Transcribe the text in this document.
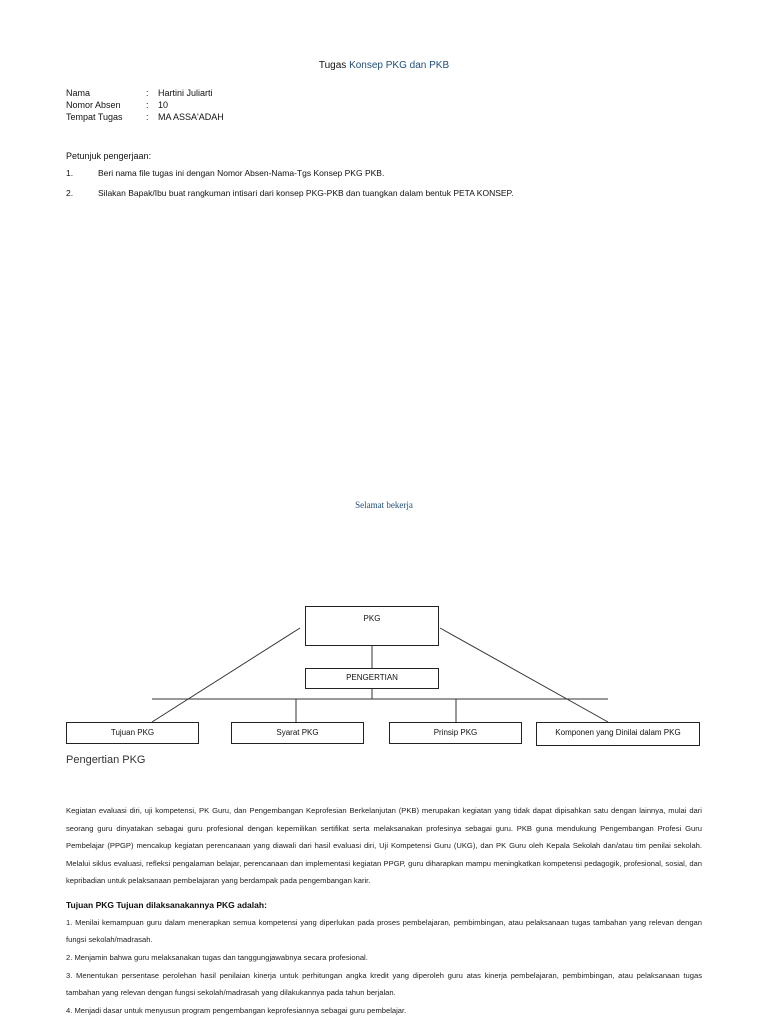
Tugas Konsep PKG dan PKB
Nama	:	Hartini Juliarti
Nomor Absen	:	10
Tempat Tugas	:	MA ASSA'ADAH
Petunjuk pengerjaan:
1.	Beri nama file tugas ini dengan Nomor Absen-Nama-Tgs Konsep PKG PKB.
2.	Silakan Bapak/Ibu buat rangkuman intisari dari konsep PKG-PKB dan tuangkan dalam bentuk PETA KONSEP.
Selamat bekerja
PKG
PENGERTIAN
Tujuan PKG	Syarat PKG	Prinsip PKG	Komponen yang Dinilai dalam PKG
Pengertian PKG
Kegiatan evaluasi diri, uji kompetensi, PK Guru, dan Pengembangan Keprofesian Berkelanjutan (PKB) merupakan kegiatan yang tidak dapat dipisahkan satu dengan lainnya, mulai dari seorang guru dinyatakan sebagai guru profesional dengan kepemilikan sertifikat serta melaksanakan profesinya sebagai guru. PKB guna mendukung Pengembangan Profesi Guru Pembelajar (PPGP) mencakup kegiatan perencanaan yang diawali dari hasil evaluasi diri, Uji Kompetensi Guru (UKG), dan PK Guru oleh Kepala Sekolah dan/atau tim penilai sekolah. Melalui siklus evaluasi, refleksi pengalaman belajar, perencanaan dan implementasi kegiatan PPGP, guru diharapkan mampu meningkatkan kompetensi pedagogik, profesional, sosial, dan kepribadian untuk pelaksanaan pembelajaran yang berdampak pada pengembangan karir.
Tujuan PKG Tujuan dilaksanakannya PKG adalah:
1. Menilai kemampuan guru dalam menerapkan semua kompetensi yang diperlukan pada proses pembelajaran, pembimbingan, atau pelaksanaan tugas tambahan yang relevan dengan fungsi sekolah/madrasah.
2. Menjamin bahwa guru melaksanakan tugas dan tanggungjawabnya secara profesional.
3. Menentukan persentase perolehan hasil penilaian kinerja untuk perhitungan angka kredit yang diperoleh guru atas kinerja pembelajaran, pembimbingan, atau pelaksanaan tugas tambahan yang relevan dengan fungsi sekolah/madrasah yang dilakukannya pada tahun berjalan.
4. Menjadi dasar untuk menyusun program pengembangan keprofesiannya sebagai guru pembelajar.
